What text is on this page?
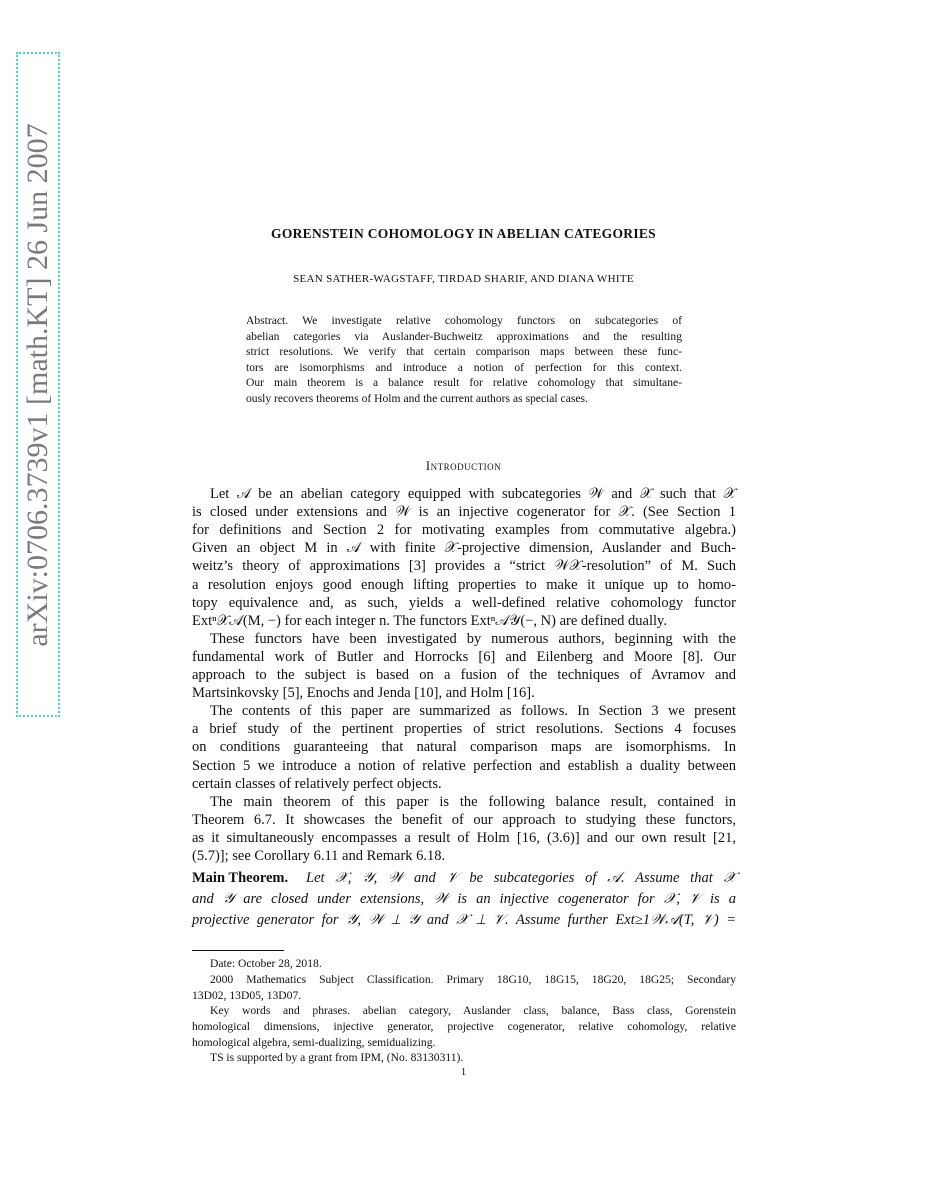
arXiv:0706.3739v1 [math.KT] 26 Jun 2007	GORENSTEIN COHOMOLOGY IN ABELIAN CATEGORIES
SEAN SATHER-WAGSTAFF, TIRDAD SHARIF, AND DIANA WHITE
Introduction
Main Theorem.
1
Abstract. We investigate relative cohomology functors on subcategories of
abelian categories via Auslander-Buchweitz approximations and the resulting
strict resolutions. We verify that certain comparison maps between these func-
tors are isomorphisms and introduce a notion of perfection for this context.
Our main theorem is a balance result for relative cohomology that simultane-
ously recovers theorems of Holm and the current authors as special cases.
Let 𝒜 be an abelian category equipped with subcategories 𝒲 and 𝒳 such that 𝒳
is closed under extensions and 𝒲 is an injective cogenerator for 𝒳. (See Section 1
for definitions and Section 2 for motivating examples from commutative algebra.)
Given an object M in 𝒜 with finite 𝒳-projective dimension, Auslander and Buch-
weitz’s theory of approximations [3] provides a “strict 𝒲𝒳-resolution” of M. Such
a resolution enjoys good enough lifting properties to make it unique up to homo-
topy equivalence and, as such, yields a well-defined relative cohomology functor
Extⁿ𝒳𝒜(M, −) for each integer n. The functors Extⁿ𝒜𝒴(−, N) are defined dually.
These functors have been investigated by numerous authors, beginning with the
fundamental work of Butler and Horrocks [6] and Eilenberg and Moore [8]. Our
approach to the subject is based on a fusion of the techniques of Avramov and
Martsinkovsky [5], Enochs and Jenda [10], and Holm [16].
The contents of this paper are summarized as follows. In Section 3 we present
a brief study of the pertinent properties of strict resolutions. Sections 4 focuses
on conditions guaranteeing that natural comparison maps are isomorphisms. In
Section 5 we introduce a notion of relative perfection and establish a duality between
certain classes of relatively perfect objects.
The main theorem of this paper is the following balance result, contained in
Theorem 6.7. It showcases the benefit of our approach to studying these functors,
as it simultaneously encompasses a result of Holm [16, (3.6)] and our own result [21,
(5.7)]; see Corollary 6.11 and Remark 6.18.
Let 𝒳, 𝒴, 𝒲 and 𝒱 be subcategories of 𝒜. Assume that 𝒳
and 𝒴 are closed under extensions, 𝒲 is an injective cogenerator for 𝒳, 𝒱 is a
projective generator for 𝒴, 𝒲 ⊥ 𝒴 and 𝒳 ⊥ 𝒱. Assume further Ext≥1𝒲𝒜(T, 𝒱) =
Date: October 28, 2018.
2000 Mathematics Subject Classification. Primary 18G10, 18G15, 18G20, 18G25; Secondary
13D02, 13D05, 13D07.
Key words and phrases. abelian category, Auslander class, balance, Bass class, Gorenstein
homological dimensions, injective generator, projective cogenerator, relative cohomology, relative
homological algebra, semi-dualizing, semidualizing.
TS is supported by a grant from IPM, (No. 83130311).
